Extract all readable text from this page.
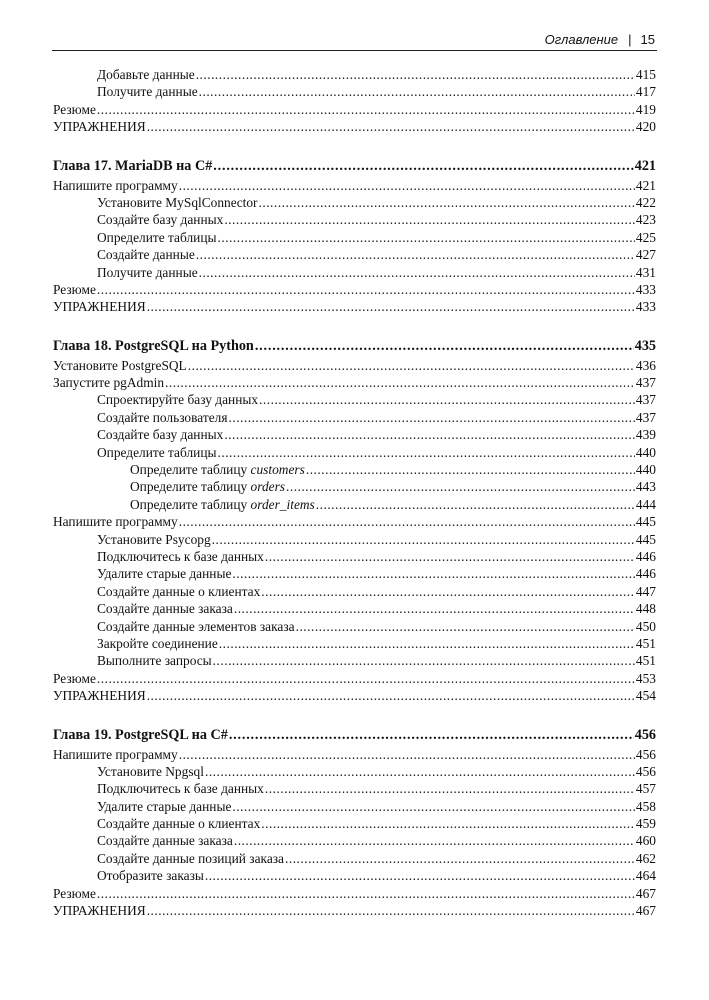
Оглавление | 15
Добавьте данные .....	415
Получите данные .....	417
Резюме .....	419
УПРАЖНЕНИЯ .....	420
Глава 17. MariaDB на C# .....	421
Напишите программу .....	421
Установите MySqlConnector .....	422
Создайте базу данных .....	423
Определите таблицы .....	425
Создайте данные .....	427
Получите данные .....	431
Резюме .....	433
УПРАЖНЕНИЯ .....	433
Глава 18. PostgreSQL на Python .....	435
Установите PostgreSQL .....	436
Запустите pgAdmin .....	437
Спроектируйте базу данных .....	437
Создайте пользователя .....	437
Создайте базу данных .....	439
Определите таблицы .....	440
Определите таблицу customers .....	440
Определите таблицу orders .....	443
Определите таблицу order_items .....	444
Напишите программу .....	445
Установите Psycopg .....	445
Подключитесь к базе данных .....	446
Удалите старые данные .....	446
Создайте данные о клиентах .....	447
Создайте данные заказа .....	448
Создайте данные элементов заказа .....	450
Закройте соединение .....	451
Выполните запросы .....	451
Резюме .....	453
УПРАЖНЕНИЯ .....	454
Глава 19. PostgreSQL на C# .....	456
Напишите программу .....	456
Установите Npgsql .....	456
Подключитесь к базе данных .....	457
Удалите старые данные .....	458
Создайте данные о клиентах .....	459
Создайте данные заказа .....	460
Создайте данные позиций заказа .....	462
Отобразите заказы .....	464
Резюме .....	467
УПРАЖНЕНИЯ .....	467
